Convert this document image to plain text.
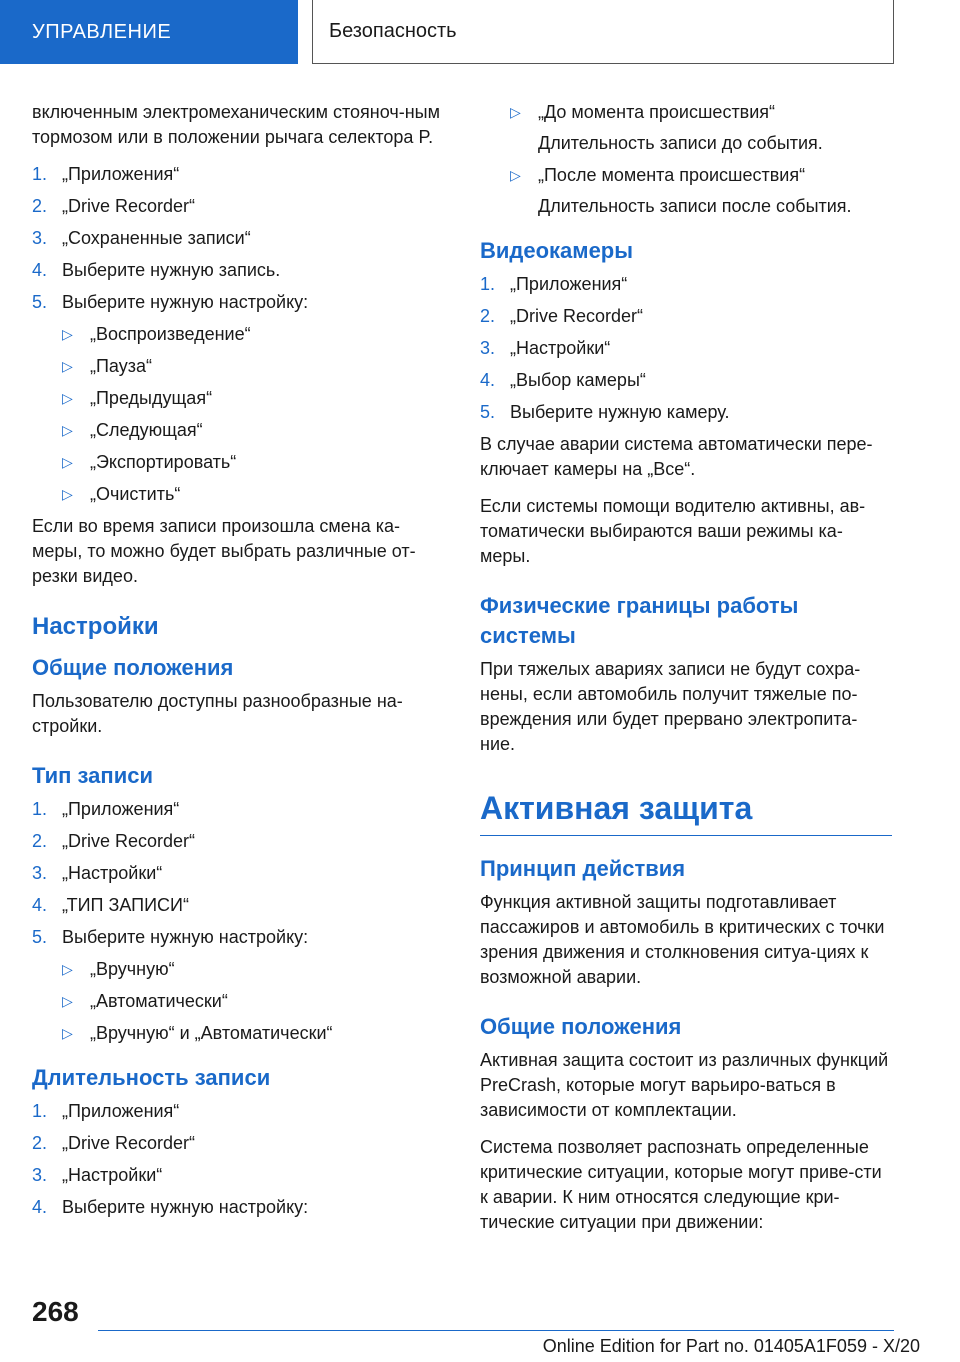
УПРАВЛЕНИЕ	Безопасность

включенным электромеханическим стояноч-ным тормозом или в положении рычага селектора P.

1. „Приложения“
2. „Drive Recorder“
3. „Сохраненные записи“
4. Выберите нужную запись.
5. Выберите нужную настройку:
▷ „Воспроизведение“
▷ „Пауза“
▷ „Предыдущая“
▷ „Следующая“
▷ „Экспортировать“
▷ „Очистить“

Если во время записи произошла смена ка-меры, то можно будет выбрать различные от-резки видео.

Настройки
Общие положения

Пользователю доступны разнообразные на-стройки.

Тип записи
1. „Приложения“
2. „Drive Recorder“
3. „Настройки“
4. „ТИП ЗАПИСИ“
5. Выберите нужную настройку:
▷ „Вручную“
▷ „Автоматически“
▷ „Вручную“ и „Автоматически“
Длительность записи
1. „Приложения“
2. „Drive Recorder“
3. „Настройки“
4. Выберите нужную настройку:
▷ „До момента происшествия“
Длительность записи до события.
▷ „После момента происшествия“
Длительность записи после события.
Видеокамеры
1. „Приложения“
2. „Drive Recorder“
3. „Настройки“
4. „Выбор камеры“
5. Выберите нужную камеру.

В случае аварии система автоматически пере-ключает камеры на „Все“.

Если системы помощи водителю активны, ав-томатически выбираются ваши режимы ка-меры.

Физические границы работы системы

При тяжелых авариях записи не будут сохра-нены, если автомобиль получит тяжелые по-вреждения или будет прервано электропита-ние.

Активная защита
Принцип действия

Функция активной защиты подготавливает пассажиров и автомобиль в критических с точки зрения движения и столкновения ситуа-циях к возможной аварии.

Общие положения

Активная защита состоит из различных функций PreCrash, которые могут варьиро-ваться в зависимости от комплектации.

Система позволяет распознать определенные критические ситуации, которые могут приве-сти к аварии. К ним относятся следующие кри-тические ситуации при движении:

268
Online Edition for Part no. 01405A1F059 - X/20
